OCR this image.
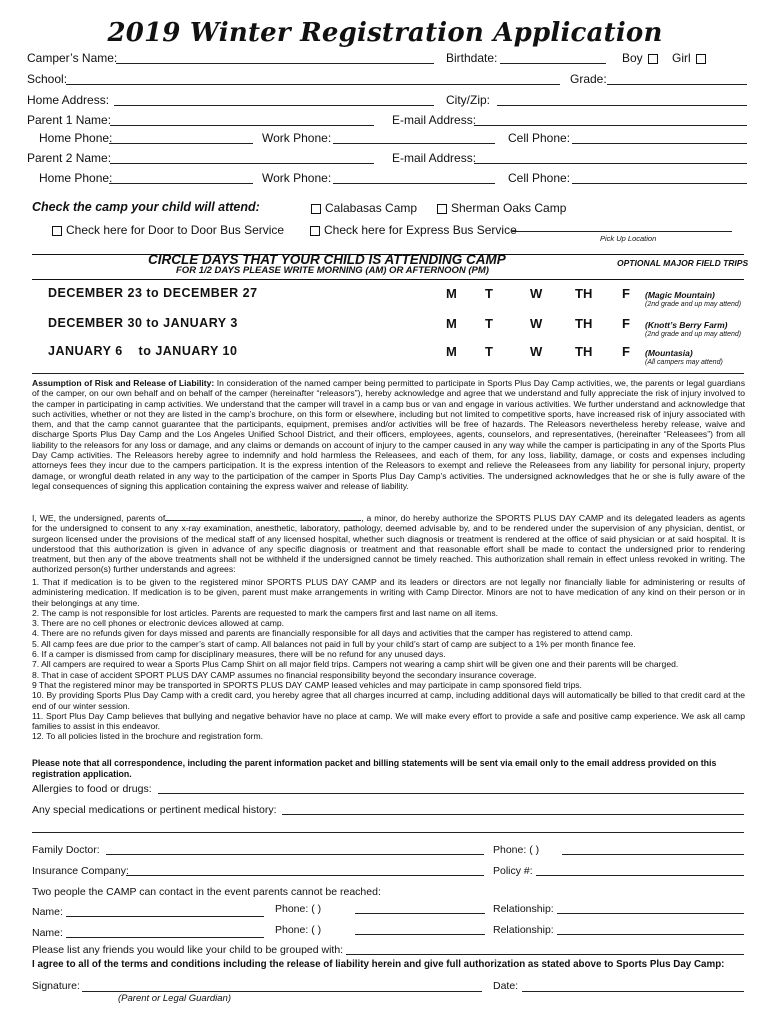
2019 Winter Registration Application
Camper’s Name:	Birthdate:	Boy	Girl
School:	Grade:
Home Address:	City/Zip:
Parent 1 Name:	E-mail Address:
Home Phone:	Work Phone:	Cell Phone:
Parent 2 Name:	E-mail Address:
Home Phone:	Work Phone:	Cell Phone:
Check the camp your child will attend:	Calabasas Camp	Sherman Oaks Camp
Check here for Door to Door Bus Service	Check here for Express Bus Service
Pick Up Location
CIRCLE DAYS THAT YOUR CHILD IS ATTENDING CAMP
FOR 1/2 DAYS PLEASE WRITE MORNING (AM) OR AFTERNOON (PM)
OPTIONAL MAJOR FIELD TRIPS
DECEMBER 23 to DECEMBER 27	M T	W	TH F (Magic Mountain)
(2nd grade and up may attend)
DECEMBER 30 to JANUARY 3	M T	W	TH F (Knott’s Berry Farm)
(2nd grade and up may attend)
JANUARY 6    to JANUARY 10	M T	W	TH F (Mountasia)
(All campers may attend)
Assumption of Risk and Release of Liability: In consideration of the named camper being permitted to participate in Sports Plus Day Camp activities, we, the parents or legal guardians of the camper, on our own behalf and on behalf of the camper (hereinafter “releasors”), hereby acknowledge and agree that we understand and fully appreciate the risk of injury involved to the camper in participating in camp activities. We understand that the camper will travel in a camp bus or van and engage in various activities. We further understand and acknowledge that such activities, whether or not they are listed in the camp’s brochure, on this form or elsewhere, including but not limited to competitive sports, have increased risk of injury associated with them, and that the camp cannot guarantee that the participants, equipment, premises and/or activities will be free of hazards. The Releasors nevertheless hereby release, waive and discharge Sports Plus Day Camp and the Los Angeles Unified School District, and their officers, employees, agents, counselors, and representatives, (hereinafter “Releasees”) from all liability to the releasors for any loss or damage, and any claims or demands on account of injury to the camper caused in any way while the camper is participating in any of the Sports Plus Day Camp activities. The Releasors hereby agree to indemnify and hold harmless the Releasees, and each of them, for any loss, liability, damage, or costs and expenses including attorneys fees they incur due to the campers participation. It is the express intention of the Releasors to exempt and relieve the Releasees from any liability for personal injury, property damage, or wrongful death related in any way to the participation of the camper in Sports Plus Day Camp’s activities. The undersigned acknowledges that he or she is fully aware of the legal consequences of signing this application containing the express waiver and release of liability.
I, WE, the undersigned, parents of	, a minor, do hereby authorize the SPORTS PLUS DAY CAMP and its delegated leaders as agents for the undersigned to consent to any x-ray examination, anesthetic, laboratory, pathology, deemed advisable by, and to be rendered under the supervision of any physician, dentist, or surgeon licensed under the provisions of the medical staff of any licensed hospital, whether such diagnosis or treatment is rendered at the office of said physician or at said hospital. It is understood that this authorization is given in advance of any specific diagnosis or treatment and that reasonable effort shall be made to contact the undersigned prior to rendering treatment, but then any of the above treatments shall not be withheld if the undersigned cannot be timely reached. This authorization shall remain in effect unless revoked in writing. The authorized person(s) further understands and agrees:
1. That if medication is to be given to the registered minor SPORTS PLUS DAY CAMP and its leaders or directors are not legally nor financially liable for administering or results of administering medication. If medication is to be given, parent must make arrangements in writing with Camp Director. Minors are not to have medication of any kind on their person or in their belongings at any time.
2. The camp is not responsible for lost articles. Parents are requested to mark the campers first and last name on all items.
3. There are no cell phones or electronic devices allowed at camp.
4. There are no refunds given for days missed and parents are financially responsible for all days and activities that the camper has registered to attend camp.
5. All camp fees are due prior to the camper’s start of camp. All balances not paid in full by your child’s start of camp are subject to a 1% per month finance fee.
6. If a camper is dismissed from camp for disciplinary measures, there will be no refund for any unused days.
7. All campers are required to wear a Sports Plus Camp Shirt on all major field trips. Campers not wearing a camp shirt will be given one and their parents will be charged.
8. That in case of accident SPORT PLUS DAY CAMP assumes no financial responsibility beyond the secondary insurance coverage.
9 That the registered minor may be transported in SPORTS PLUS DAY CAMP leased vehicles and may participate in camp sponsored field trips.
10. By providing Sports Plus Day Camp with a credit card, you hereby agree that all charges incurred at camp, including additional days will automatically be billed to that credit card at the end of our winter session.
11. Sport Plus Day Camp believes that bullying and negative behavior have no place at camp. We will make every effort to provide a safe and positive camp experience. We ask all camp families to assist in this endeavor.
12. To all policies listed in the brochure and registration form.
Please note that all correspondence, including the parent information packet and billing statements will be sent via email only to the email address provided on this registration application.
Allergies to food or drugs:
Any special medications or pertinent medical history:
Family Doctor:	Phone: ( )
Insurance Company:	Policy #:
Two people the CAMP can contact in the event parents cannot be reached:
Name:	Phone: ( )	Relationship:
Name:	Phone: ( )	Relationship:
Please list any friends you would like your child to be grouped with:
I agree to all of the terms and conditions including the release of liability herein and give full authorization as stated above to Sports Plus Day Camp:
Signature:
(Parent or Legal Guardian)
Date:
